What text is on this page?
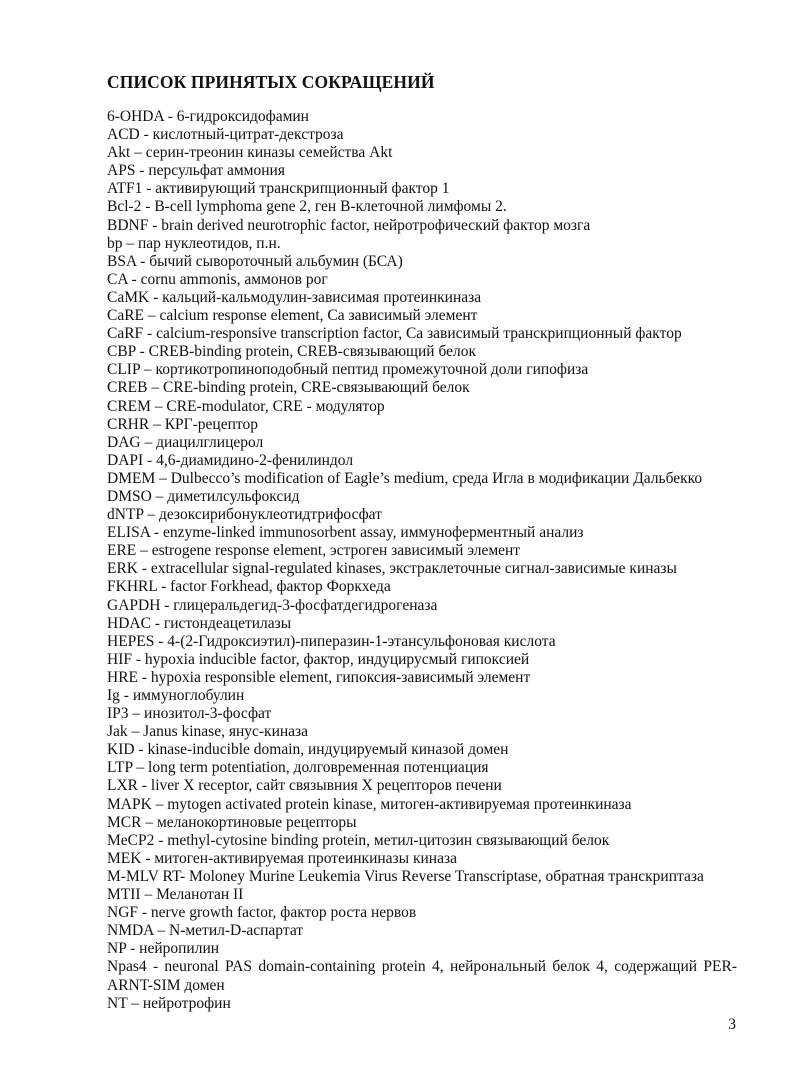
СПИСОК ПРИНЯТЫХ СОКРАЩЕНИЙ
6-OHDA - 6-гидроксидофамин
ACD - кислотный-цитрат-декстроза
Akt – серин-треонин киназы семейства Akt
APS - персульфат аммония
ATF1 - активирующий транскрипционный фактор 1
Bcl-2 - B-cell lymphoma gene 2, ген В-клеточной лимфомы 2.
BDNF - brain derived neurotrophic factor, нейротрофический фактор мозга
bp – пар нуклеотидов, п.н.
BSA - бычий сывороточный альбумин (БСА)
CA - cornu ammonis, аммонов рог
CaMK - кальций-кальмодулин-зависимая протеинкиназа
CaRE – calcium response element, Ca зависимый элемент
CaRF - calcium-responsive transcription factor, Ca зависимый транскрипционный фактор
CBP - CREB-binding protein, CREB-связывающий белок
CLIP – кортикотропиноподобный пептид промежуточной доли гипофиза
CREB – CRE-binding protein, CRE-связывающий белок
CREM – CRE-modulator, CRE - модулятор
CRHR – КРГ-рецептор
DAG – диацилглицерол
DAPI - 4,6-диамидино-2-фенилиндол
DMEM – Dulbecco’s modification of Eagle’s medium, среда Игла в модификации Дальбекко
DMSO – диметилсульфоксид
dNTP – дезоксирибонуклеотидтрифосфат
ELISA - enzyme-linked immunosorbent assay, иммуноферментный анализ
ERE – estrogene response element, эстроген зависимый элемент
ERK - extracellular signal-regulated kinases, экстраклеточные сигнал-зависимые киназы
FKHRL - factor Forkhead, фактор Форкхеда
GAPDH - глицеральдегид-3-фосфатдегидрогеназа
HDAC - гистондеацетилазы
HEPES - 4-(2-Гидроксиэтил)-пиперазин-1-этансульфоновая кислота
HIF - hypoxia inducible factor, фактор, индуцирусмый гипоксией
HRE - hypoxia responsible element, гипоксия-зависимый элемент
Ig - иммуноглобулин
IP3 – инозитол-3-фосфат
Jak – Janus kinase, янус-киназа
KID - kinase-inducible domain, индуцируемый киназой домен
LTP – long term potentiation, долговременная потенциация
LXR - liver X receptor, сайт связывния Х рецепторов печени
MAPK – mytogen activated protein kinase, митоген-активируемая протеинкиназа
MCR – меланокортиновые рецепторы
MeCP2 - methyl-cytosine binding protein, метил-цитозин связывающий белок
MEK - митоген-активируемая протеинкиназы киназа
M-MLV RT- Moloney Murine Leukemia Virus Reverse Transcriptase, обратная транскриптаза
MTII – Меланотан II
NGF - nerve growth factor, фактор роста нервов
NMDA – N-метил-D-аспартат
NP - нейропилин
Npas4 - neuronal PAS domain-containing protein 4, нейрональный белок 4, содержащий PER-ARNT-SIM домен
NT – нейротрофин
3
